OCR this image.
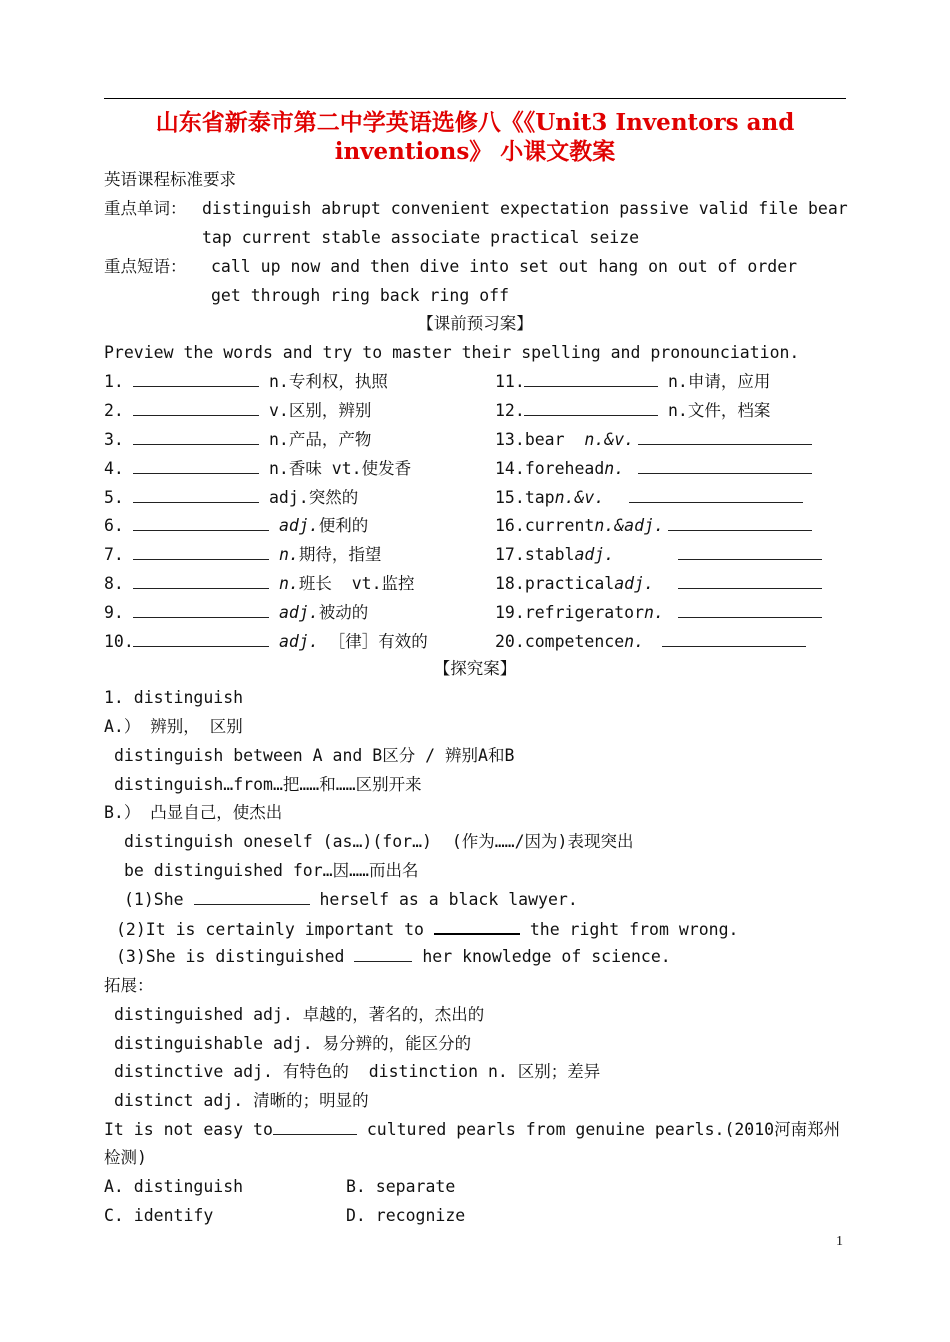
山东省新泰市第二中学英语选修八《《Unit3 Inventors and
inventions》 小课文教案
英语课程标准要求
重点单词： distinguish abrupt convenient expectation passive valid file bear
tap current stable associate practical seize
重点短语： call up now and then dive into set out hang on out of order
get through ring back ring off
【课前预习案】
Preview the words and try to master their spelling and pronounciation.
1.	n.专利权，执照
2.	v.区别，辨别
3.	n.产品，产物
4.	n.香味 vt.使发香
5.	adj.突然的
6.	adj.便利的
7.	n.期待，指望
8.	n.班长  vt.监控
9.	adj.被动的
10.	adj. ［律］有效的
11.	n.申请，应用
12.	n.文件，档案
13.bear  n.&v.
14.foreheadn.
15.tapn.&v.
16.currentn.&adj.
17.stabladj.
18.practicaladj.
19.refrigeratorn.
20.competencen.
【探究案】
1. distinguish
A.） 辨别， 区别
distinguish between A and B区分 / 辨别A和B
distinguish…from…把……和……区别开来
B.） 凸显自己，使杰出
distinguish oneself (as…)(for…)  (作为……/因为)表现突出
be distinguished for…因……而出名
(1)She	herself as a black lawyer.
(2)It is certainly important to	the right from wrong.
(3)She is distinguished	her knowledge of science.
拓展：
distinguished adj. 卓越的，著名的，杰出的
distinguishable adj. 易分辨的，能区分的
distinctive adj. 有特色的  distinction n. 区别；差异
distinct adj. 清晰的；明显的
It is not easy to	cultured pearls from genuine pearls.(2010河南郑州
检测)
A. distinguish	B. separate
C. identify	D. recognize
1
